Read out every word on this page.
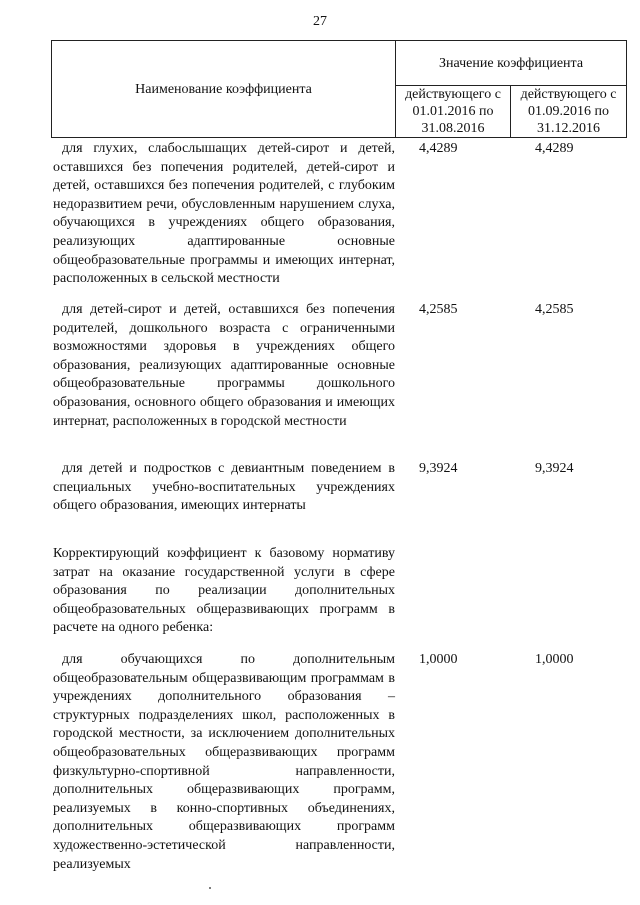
27
Наименование коэффициента	Значение коэффициента	
	действующего с 01.01.2016 по 31.08.2016	действующего с 01.09.2016 по 31.12.2016
для глухих, слабослышащих детей-сирот и детей, оставшихся без попечения родителей, детей-сирот и детей, оставшихся без попечения родителей, с глубоким недоразвитием речи, обусловленным нарушением слуха, обучающихся в учреждениях общего образования, реализующих адаптированные основные общеобразовательные программы и имеющих интернат, расположенных в сельской местности
4,4289	4,4289
для детей-сирот и детей, оставшихся без попечения родителей, дошкольного возраста с ограниченными возможностями здоровья в учреждениях общего образования, реализующих адаптированные основные общеобразовательные программы дошкольного образования, основного общего образования и имеющих интернат, расположенных в городской местности
4,2585	4,2585
для детей и подростков с девиантным поведением в специальных учебно-воспитательных учреждениях общего образования, имеющих интернаты
9,3924	9,3924
Корректирующий коэффициент к базовому нормативу затрат на оказание государственной услуги в сфере образования по реализации дополнительных общеобразовательных общеразвивающих программ в расчете на одного ребенка:
для обучающихся по дополнительным общеобразовательным общеразвивающим программам в учреждениях дополнительного образования – структурных подразделениях школ, расположенных в городской местности, за исключением дополнительных общеобразовательных общеразвивающих программ физкультурно-спортивной направленности, дополнительных общеразвивающих программ, реализуемых в конно-спортивных объединениях, дополнительных общеразвивающих программ художественно-эстетической направленности, реализуемых
1,0000	1,0000
